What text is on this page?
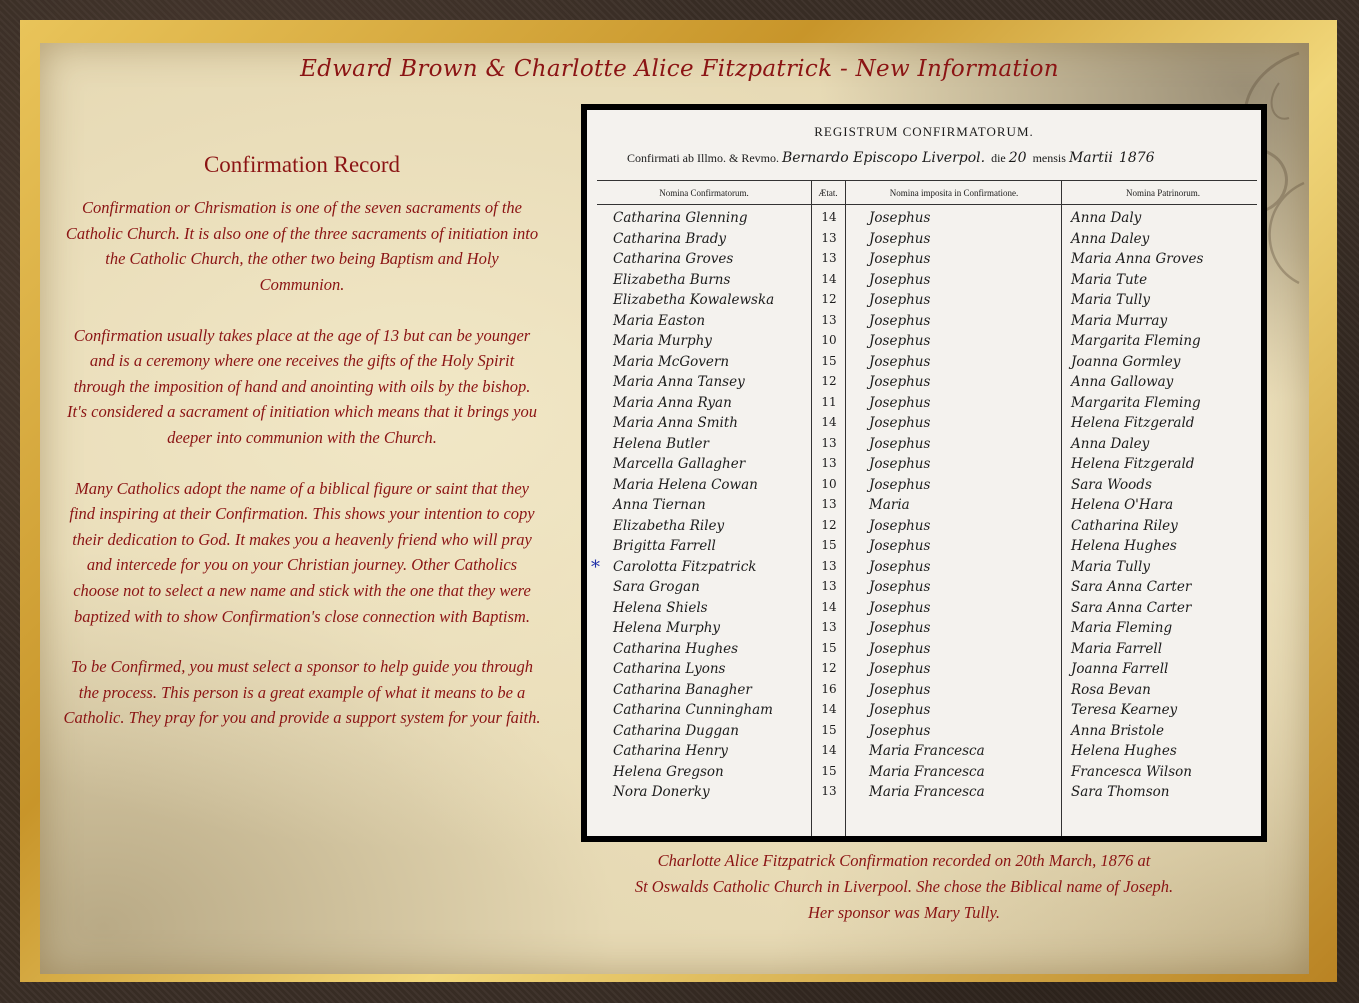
Edward Brown & Charlotte Alice Fitzpatrick - New Information
Confirmation Record

Confirmation or Chrismation is one of the seven sacraments of the Catholic Church. It is also one of the three sacraments of initiation into the Catholic Church, the other two being Baptism and Holy Communion.

Confirmation usually takes place at the age of 13 but can be younger and is a ceremony where one receives the gifts of the Holy Spirit through the imposition of hand and anointing with oils by the bishop. It's considered a sacrament of initiation which means that it brings you deeper into communion with the Church.

Many Catholics adopt the name of a biblical figure or saint that they find inspiring at their Confirmation. This shows your intention to copy their dedication to God. It makes you a heavenly friend who will pray and intercede for you on your Christian journey. Other Catholics choose not to select a new name and stick with the one that they were baptized with to show Confirmation's close connection with Baptism.

To be Confirmed, you must select a sponsor to help guide you through the process. This person is a great example of what it means to be a Catholic. They pray for you and provide a support system for your faith.

REGISTRUM CONFIRMATORUM.
Confirmati ab Illmo. & Revmo. Bernardo Episcopo Liverpol. die 20 mensis Martii 1876
Nomina Confirmatorum.	Ætat.	Nomina imposita in Confirmatione.	Nomina Patrinorum.
Catharina Glenning	14	Josephus	Anna Daly
Catharina Brady	13	Josephus	Anna Daley
Catharina Groves	13	Josephus	Maria Anna Groves
Elizabetha Burns	14	Josephus	Maria Tute
Elizabetha Kowalewska	12	Josephus	Maria Tully
Maria Easton	13	Josephus	Maria Murray
Maria Murphy	10	Josephus	Margarita Fleming
Maria McGovern	15	Josephus	Joanna Gormley
Maria Anna Tansey	12	Josephus	Anna Galloway
Maria Anna Ryan	11	Josephus	Margarita Fleming
Maria Anna Smith	14	Josephus	Helena Fitzgerald
Helena Butler	13	Josephus	Anna Daley
Marcella Gallagher	13	Josephus	Helena Fitzgerald
Maria Helena Cowan	10	Josephus	Sara Woods
Anna Tiernan	13	Maria	Helena O'Hara
Elizabetha Riley	12	Josephus	Catharina Riley
Brigitta Farrell	15	Josephus	Helena Hughes
Carolotta Fitzpatrick	13	Josephus	Maria Tully
*
Sara Grogan	13	Josephus	Sara Anna Carter
Helena Shiels	14	Josephus	Sara Anna Carter
Helena Murphy	13	Josephus	Maria Fleming
Catharina Hughes	15	Josephus	Maria Farrell
Catharina Lyons	12	Josephus	Joanna Farrell
Catharina Banagher	16	Josephus	Rosa Bevan
Catharina Cunningham	14	Josephus	Teresa Kearney
Catharina Duggan	15	Josephus	Anna Bristole
Catharina Henry	14	Maria Francesca	Helena Hughes
Helena Gregson	15	Maria Francesca	Francesca Wilson
Nora Donerky	13	Maria Francesca	Sara Thomson
Charlotte Alice Fitzpatrick Confirmation recorded on 20th March, 1876 at
St Oswalds Catholic Church in Liverpool. She chose the Biblical name of Joseph.
Her sponsor was Mary Tully.
